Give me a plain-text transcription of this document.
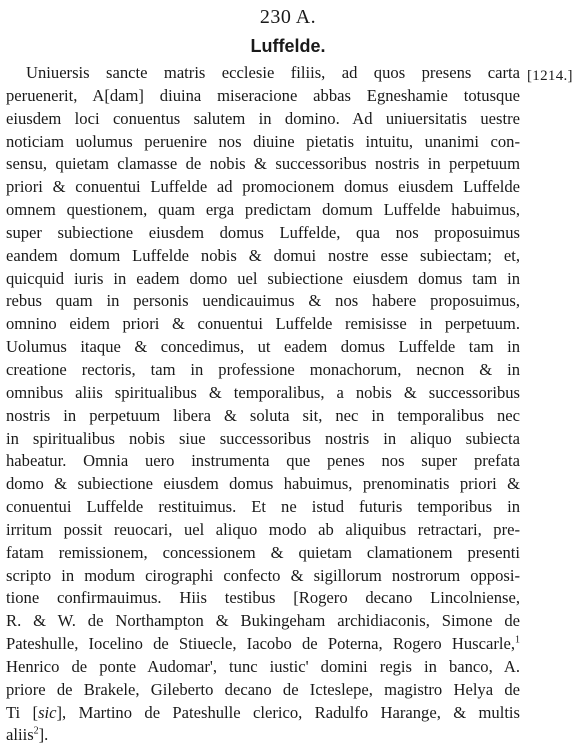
230 A.
Luffelde.
[1214.]
Uniuersis sancte matris ecclesie filiis, ad quos presens carta
peruenerit, A[dam] diuina miseracione abbas Egneshamie totusque
eiusdem loci conuentus salutem in domino. Ad uniuersitatis uestre
noticiam uolumus peruenire nos diuine pietatis intuitu, unanimi con-
sensu, quietam clamasse de nobis & successoribus nostris in perpetuum
priori & conuentui Luffelde ad promocionem domus eiusdem Luffelde
omnem questionem, quam erga predictam domum Luffelde habuimus,
super subiectione eiusdem domus Luffelde, qua nos proposuimus
eandem domum Luffelde nobis & domui nostre esse subiectam; et,
quicquid iuris in eadem domo uel subiectione eiusdem domus tam in
rebus quam in personis uendicauimus & nos habere proposuimus,
omnino eidem priori & conuentui Luffelde remisisse in perpetuum.
Uolumus itaque & concedimus, ut eadem domus Luffelde tam in
creatione rectoris, tam in professione monachorum, necnon & in
omnibus aliis spiritualibus & temporalibus, a nobis & successoribus
nostris in perpetuum libera & soluta sit, nec in temporalibus nec
in spiritualibus nobis siue successoribus nostris in aliquo subiecta
habeatur. Omnia uero instrumenta que penes nos super prefata
domo & subiectione eiusdem domus habuimus, prenominatis priori &
conuentui Luffelde restituimus. Et ne istud futuris temporibus in
irritum possit reuocari, uel aliquo modo ab aliquibus retractari, pre-
fatam remissionem, concessionem & quietam clamationem presenti
scripto in modum cirographi confecto & sigillorum nostrorum opposi-
tione confirmauimus. Hiis testibus [Rogero decano Lincolniense,
R. & W. de Northampton & Bukingeham archidiaconis, Simone de
Pateshulle, Iocelino de Stiuecle, Iacobo de Poterna, Rogero Huscarle,$^1$
Henrico de ponte Audomar', tunc iustic' domini regis in banco, A.
priore de Brakele, Gileberto decano de Icteslepe, magistro Helya de
Ti [sic], Martino de Pateshulle clerico, Radulfo Harange, & multis
aliis$^2$].
